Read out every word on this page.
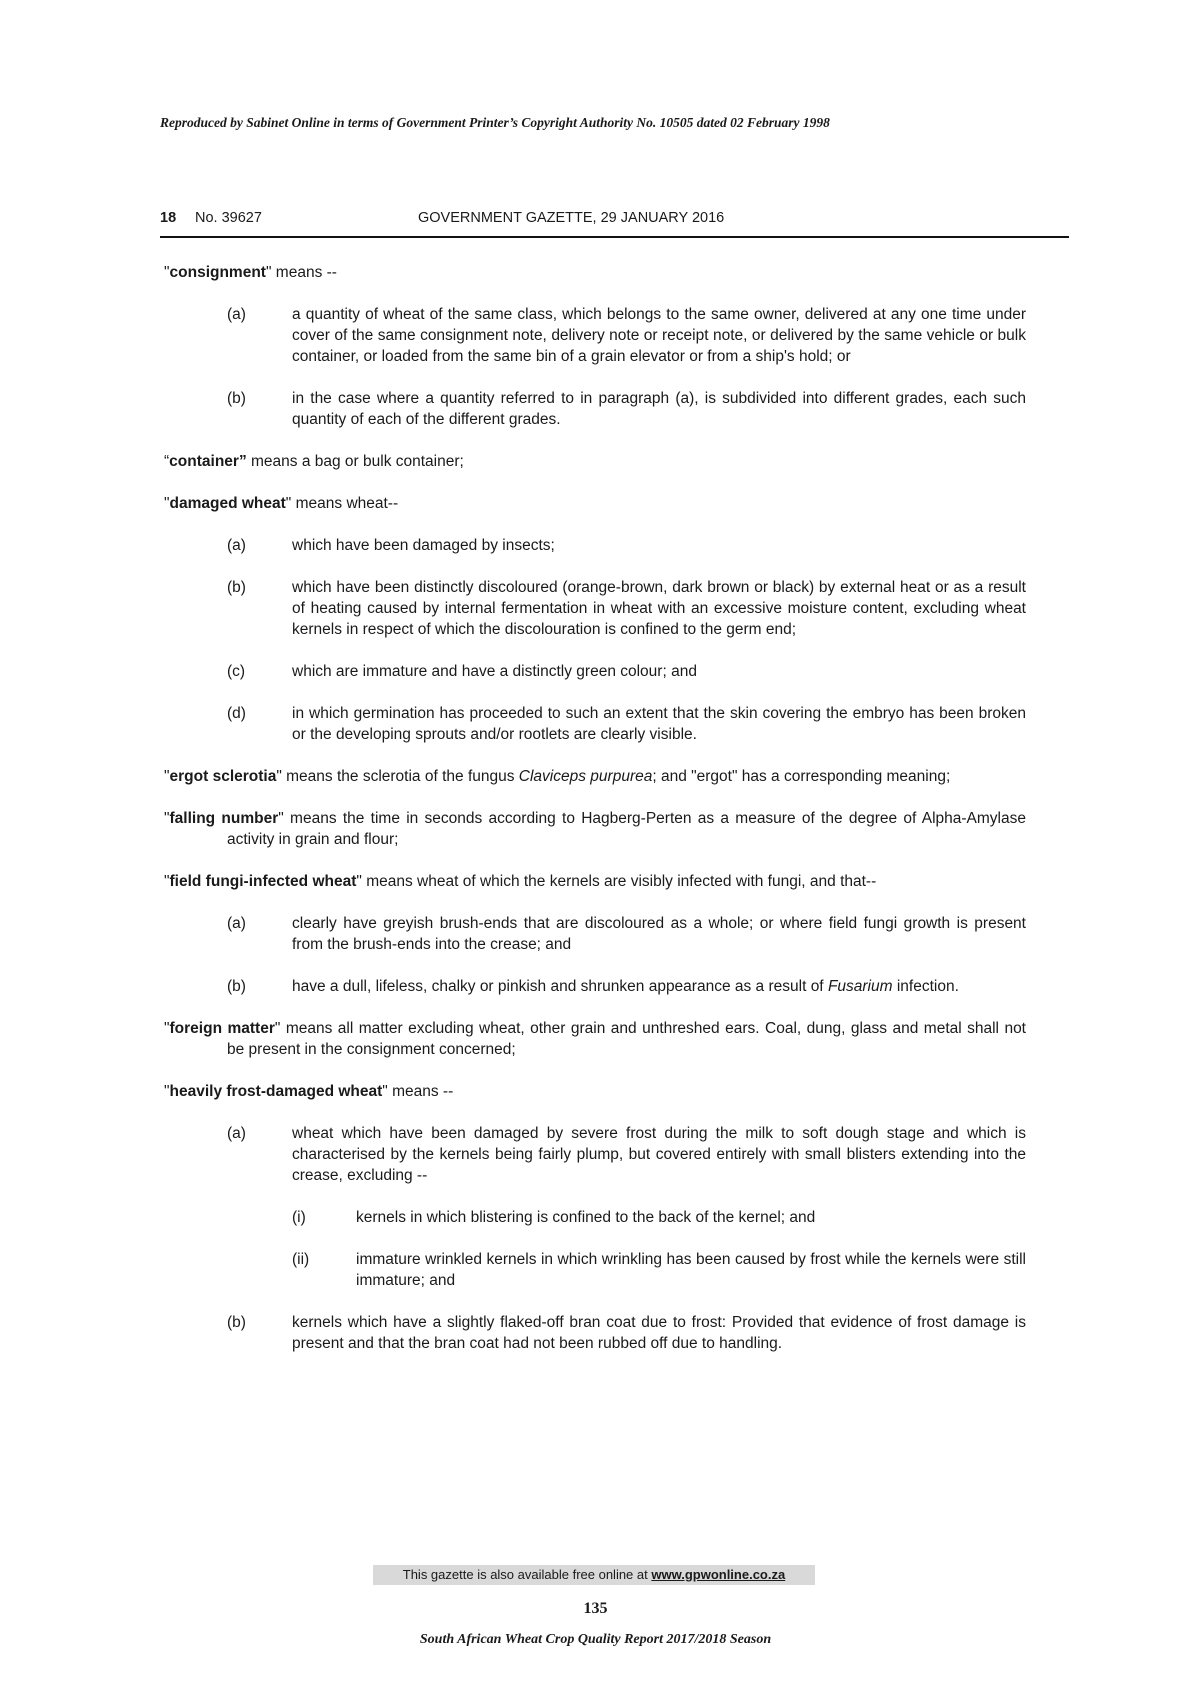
Reproduced by Sabinet Online in terms of Government Printer’s Copyright Authority No. 10505 dated 02 February 1998
18 No. 39627	GOVERNMENT GAZETTE, 29 JANUARY 2016

"consignment" means --

(a)	a quantity of wheat of the same class, which belongs to the same owner, delivered at any one time under cover of the same consignment note, delivery note or receipt note, or delivered by the same vehicle or bulk container, or loaded from the same bin of a grain elevator or from a ship's hold; or
(b)	in the case where a quantity referred to in paragraph (a), is subdivided into different grades, each such quantity of each of the different grades.

“container” means a bag or bulk container;

"damaged wheat" means wheat--

(a)	which have been damaged by insects;
(b)	which have been distinctly discoloured (orange-brown, dark brown or black) by external heat or as a result of heating caused by internal fermentation in wheat with an excessive moisture content, excluding wheat kernels in respect of which the discolouration is confined to the germ end;
(c)	which are immature and have a distinctly green colour; and
(d)	in which germination has proceeded to such an extent that the skin covering the embryo has been broken or the developing sprouts and/or rootlets are clearly visible.

"ergot sclerotia" means the sclerotia of the fungus Claviceps purpurea; and "ergot" has a corresponding meaning;

"falling number" means the time in seconds according to Hagberg-Perten as a measure of the degree of Alpha-Amylase activity in grain and flour;

"field fungi-infected wheat" means wheat of which the kernels are visibly infected with fungi, and that--

(a)	clearly have greyish brush-ends that are discoloured as a whole; or where field fungi growth is present from the brush-ends into the crease; and
(b)	have a dull, lifeless, chalky or pinkish and shrunken appearance as a result of Fusarium infection.

"foreign matter" means all matter excluding wheat, other grain and unthreshed ears. Coal, dung, glass and metal shall not be present in the consignment concerned;

"heavily frost-damaged wheat" means --

(a)	wheat which have been damaged by severe frost during the milk to soft dough stage and which is characterised by the kernels being fairly plump, but covered entirely with small blisters extending into the crease, excluding --
(i)	kernels in which blistering is confined to the back of the kernel; and
(ii)	immature wrinkled kernels in which wrinkling has been caused by frost while the kernels were still immature; and
(b)	kernels which have a slightly flaked-off bran coat due to frost: Provided that evidence of frost damage is present and that the bran coat had not been rubbed off due to handling.
This gazette is also available free online at www.gpwonline.co.za
135
South African Wheat Crop Quality Report 2017/2018 Season
